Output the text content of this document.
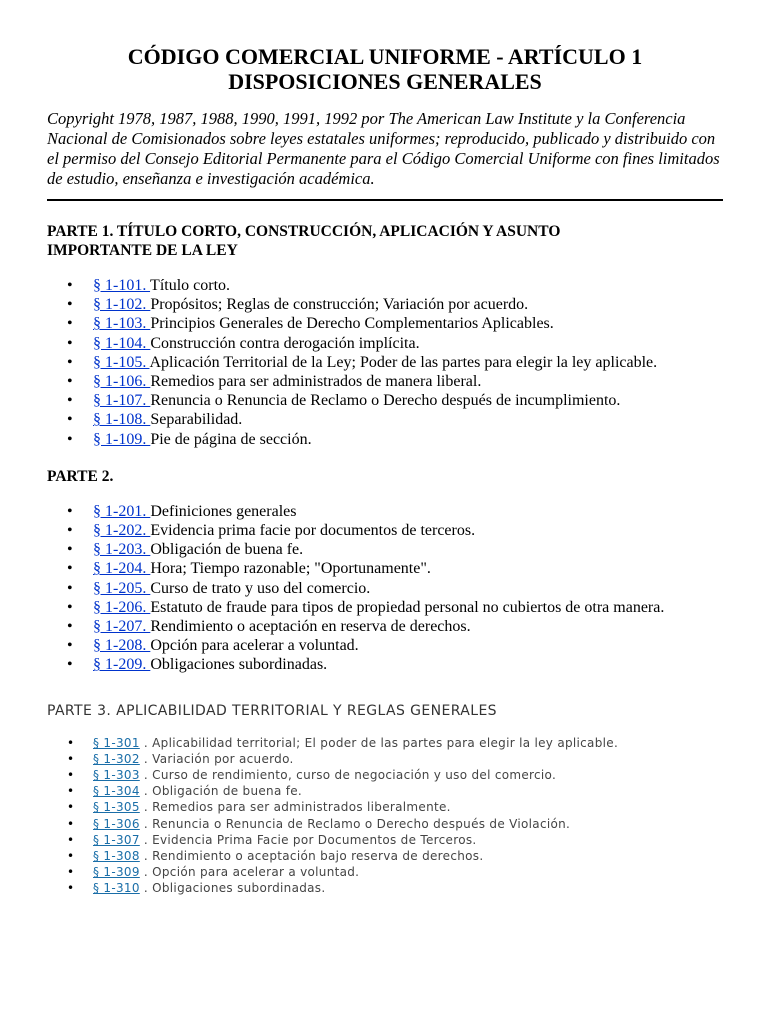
CÓDIGO COMERCIAL UNIFORME - ARTÍCULO 1
DISPOSICIONES GENERALES

Copyright 1978, 1987, 1988, 1990, 1991, 1992 por The American Law Institute y la Conferencia Nacional de Comisionados sobre leyes estatales uniformes; reproducido, publicado y distribuido con el permiso del Consejo Editorial Permanente para el Código Comercial Uniforme con fines limitados de estudio, enseñanza e investigación académica.

PARTE 1. TÍTULO CORTO, CONSTRUCCIÓN, APLICACIÓN Y ASUNTO
IMPORTANTE DE LA LEY
• § 1-101. Título corto.
• § 1-102. Propósitos; Reglas de construcción; Variación por acuerdo.
• § 1-103. Principios Generales de Derecho Complementarios Aplicables.
• § 1-104. Construcción contra derogación implícita.
• § 1-105. Aplicación Territorial de la Ley; Poder de las partes para elegir la ley aplicable.
• § 1-106. Remedios para ser administrados de manera liberal.
• § 1-107. Renuncia o Renuncia de Reclamo o Derecho después de incumplimiento.
• § 1-108. Separabilidad.
• § 1-109. Pie de página de sección.
PARTE 2.
• § 1-201. Definiciones generales
• § 1-202. Evidencia prima facie por documentos de terceros.
• § 1-203. Obligación de buena fe.
• § 1-204. Hora; Tiempo razonable; "Oportunamente".
• § 1-205. Curso de trato y uso del comercio.
• § 1-206. Estatuto de fraude para tipos de propiedad personal no cubiertos de otra manera.
• § 1-207. Rendimiento o aceptación en reserva de derechos.
• § 1-208. Opción para acelerar a voluntad.
• § 1-209. Obligaciones subordinadas.
PARTE 3. APLICABILIDAD TERRITORIAL Y REGLAS GENERALES
• § 1-301 . Aplicabilidad territorial; El poder de las partes para elegir la ley aplicable.
• § 1-302 . Variación por acuerdo.
• § 1-303 . Curso de rendimiento, curso de negociación y uso del comercio.
• § 1-304 . Obligación de buena fe.
• § 1-305 . Remedios para ser administrados liberalmente.
• § 1-306 . Renuncia o Renuncia de Reclamo o Derecho después de Violación.
• § 1-307 . Evidencia Prima Facie por Documentos de Terceros.
• § 1-308 . Rendimiento o aceptación bajo reserva de derechos.
• § 1-309 . Opción para acelerar a voluntad.
• § 1-310 . Obligaciones subordinadas.
